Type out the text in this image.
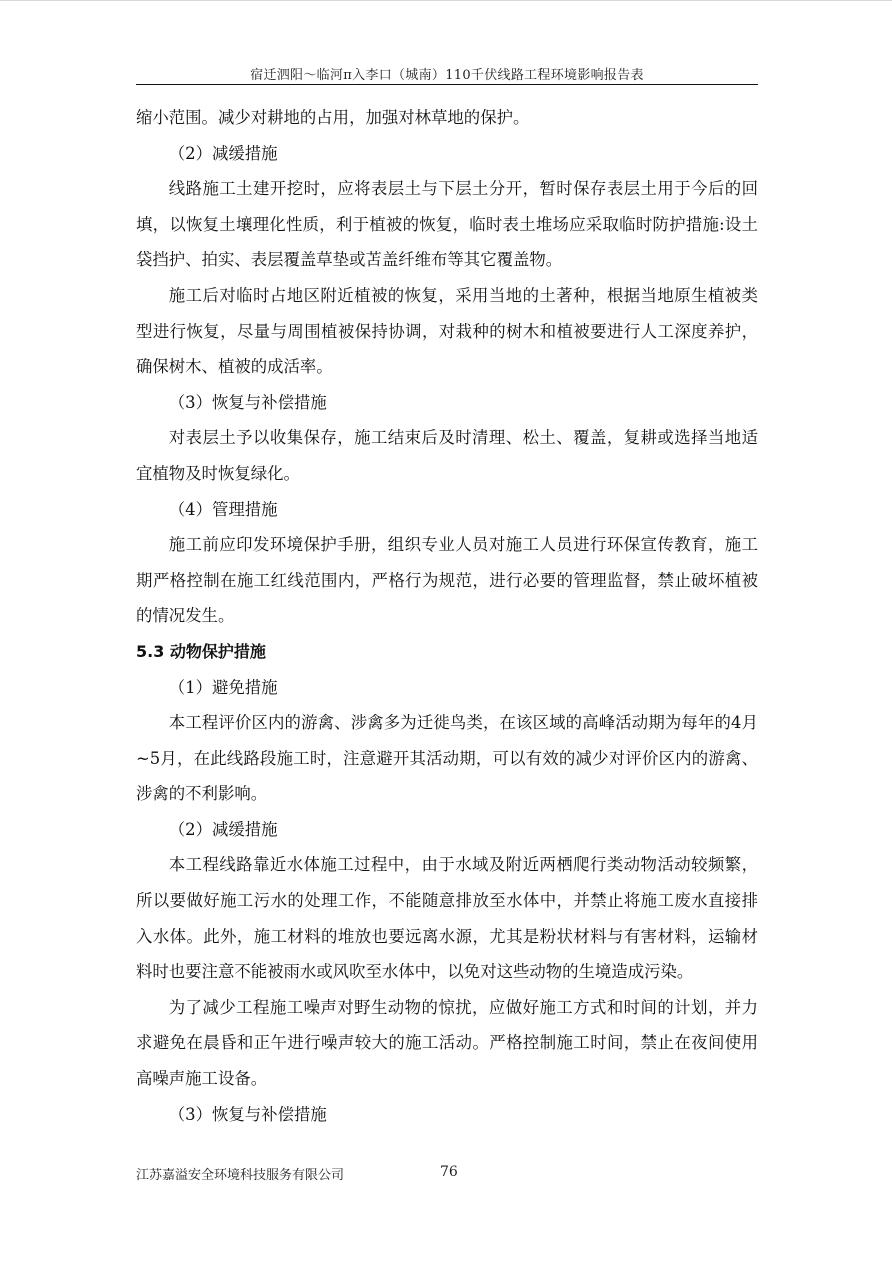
宿迁泗阳～临河π入李口（城南）110千伏线路工程环境影响报告表

缩小范围。减少对耕地的占用，加强对林草地的保护。

（2）减缓措施

线路施工土建开挖时，应将表层土与下层土分开，暂时保存表层土用于今后的回填，以恢复土壤理化性质，利于植被的恢复，临时表土堆场应采取临时防护措施:设土袋挡护、拍实、表层覆盖草垫或苫盖纤维布等其它覆盖物。

施工后对临时占地区附近植被的恢复，采用当地的土著种，根据当地原生植被类型进行恢复，尽量与周围植被保持协调，对栽种的树木和植被要进行人工深度养护，确保树木、植被的成活率。

（3）恢复与补偿措施

对表层土予以收集保存，施工结束后及时清理、松土、覆盖，复耕或选择当地适宜植物及时恢复绿化。

（4）管理措施

施工前应印发环境保护手册，组织专业人员对施工人员进行环保宣传教育，施工期严格控制在施工红线范围内，严格行为规范，进行必要的管理监督，禁止破坏植被的情况发生。

5.3 动物保护措施

（1）避免措施

本工程评价区内的游禽、涉禽多为迁徙鸟类，在该区域的高峰活动期为每年的4月~5月，在此线路段施工时，注意避开其活动期，可以有效的减少对评价区内的游禽、涉禽的不利影响。

（2）减缓措施

本工程线路靠近水体施工过程中，由于水域及附近两栖爬行类动物活动较频繁，所以要做好施工污水的处理工作，不能随意排放至水体中，并禁止将施工废水直接排入水体。此外，施工材料的堆放也要远离水源，尤其是粉状材料与有害材料，运输材料时也要注意不能被雨水或风吹至水体中，以免对这些动物的生境造成污染。

为了减少工程施工噪声对野生动物的惊扰，应做好施工方式和时间的计划，并力求避免在晨昏和正午进行噪声较大的施工活动。严格控制施工时间，禁止在夜间使用高噪声施工设备。

（3）恢复与补偿措施

江苏嘉溢安全环境科技服务有限公司	76
